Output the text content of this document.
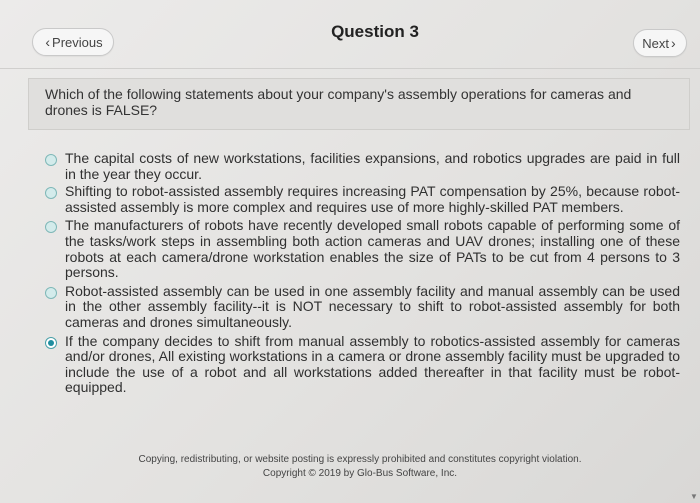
‹ Previous
Question 3
Next ›
Which of the following statements about your company's assembly operations for cameras and drones is FALSE?
The capital costs of new workstations, facilities expansions, and robotics upgrades are paid in full in the year they occur.
Shifting to robot-assisted assembly requires increasing PAT compensation by 25%, because robot-assisted assembly is more complex and requires use of more highly-skilled PAT members.
The manufacturers of robots have recently developed small robots capable of performing some of the tasks/work steps in assembling both action cameras and UAV drones; installing one of these robots at each camera/drone workstation enables the size of PATs to be cut from 4 persons to 3 persons.
Robot-assisted assembly can be used in one assembly facility and manual assembly can be used in the other assembly facility--it is NOT necessary to shift to robot-assisted assembly for both cameras and drones simultaneously.
If the company decides to shift from manual assembly to robotics-assisted assembly for cameras and/or drones, All existing workstations in a camera or drone assembly facility must be upgraded to include the use of a robot and all workstations added thereafter in that facility must be robot-equipped.
Copying, redistributing, or website posting is expressly prohibited and constitutes copyright violation.
Copyright © 2019 by Glo-Bus Software, Inc.
▼
